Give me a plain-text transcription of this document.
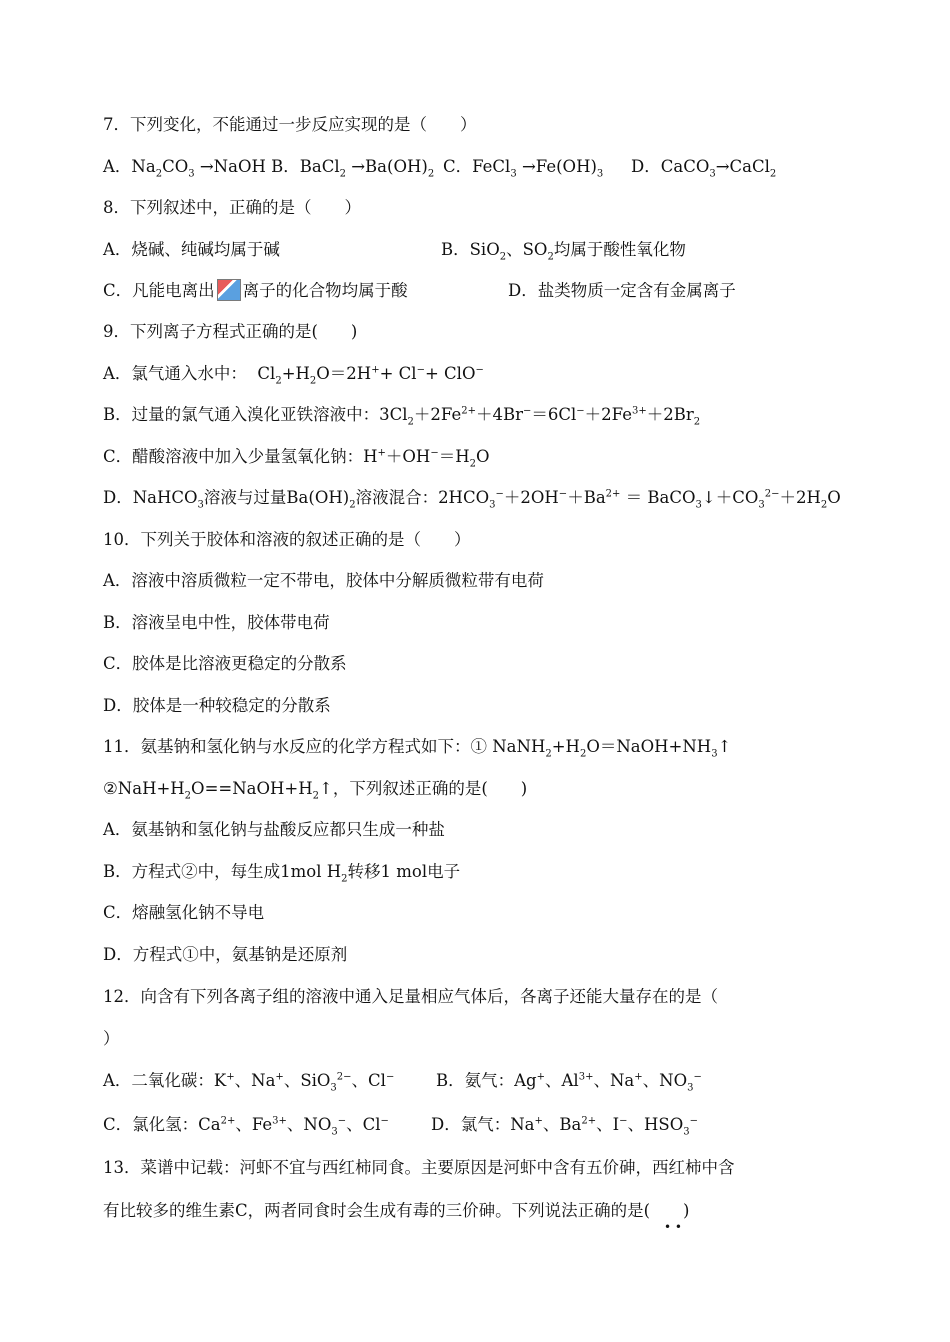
7．下列变化，不能通过一步反应实现的是（　　）
A．$Na_2CO_3$ →NaOH B．BaCl$_2$ $\to Ba(OH)_2$ C．FeCl$_3$ $\to Fe(OH)_3$ D．CaCO$_3$→CaCl$_2$
8．下列叙述中，正确的是（　　）
A．烧碱、纯碱均属于碱	B．SiO$_2$、$SO_2$均属于酸性氧化物
C．凡能电离出 离子的化合物均属于酸	D．盐类物质一定含有金属离子
9．下列离子方程式正确的是(　　)
A．氯气通入水中：  $Cl_2+H_2O=2H^++ Cl^-+ ClO^-$
B．过量的氯气通入溴化亚铁溶液中：$3Cl_2+2Fe^{2+}+4Br^-=6Cl^-+2Fe^{3+}+2Br_2$
C．醋酸溶液中加入少量氢氧化钠：$H^++OH^-=H_2O$
D．NaHCO$_3$溶液与过量$Ba(OH)_2$溶液混合：$2HCO_3^-+2OH^-+Ba^{2+}$ ＝ $BaCO_3↓+CO_3^{2-}+2H_2O$
10．下列关于胶体和溶液的叙述正确的是（　　）
A．溶液中溶质微粒一定不带电，胶体中分解质微粒带有电荷
B．溶液呈电中性，胶体带电荷
C．胶体是比溶液更稳定的分散系
D．胶体是一种较稳定的分散系
11．氨基钠和氢化钠与水反应的化学方程式如下：① $NaNH_2+H_2O=NaOH+NH_3↑$
$②NaH+H_2O==NaOH+H_2↑$，下列叙述正确的是(　　)
A．氨基钠和氢化钠与盐酸反应都只生成一种盐
B．方程式②中，每生成1mol $H_2$转移1 mol电子
C．熔融氢化钠不导电
D．方程式①中，氨基钠是还原剂
12．向含有下列各离子组的溶液中通入足量相应气体后，各离子还能大量存在的是（
）
A．二氧化碳：K+、Na+、SiO$_3^{2-}$、Cl−	B．氨气：Ag+、$Al^{3+}$、Na+、$NO_3^-$
C．氯化氢：$Ca^{2+}$、$Fe^{3+}$、$NO_3^-$、Cl−	D．氯气：Na+、$Ba^{2+}$、I−、$HSO_3^-$
13．菜谱中记载：河虾不宜与西红柿同食。主要原因是河虾中含有五价砷，西红柿中含
有比较多的维生素C，两者同食时会生成有毒的三价砷。下列说法正确的是(　　)
• •
